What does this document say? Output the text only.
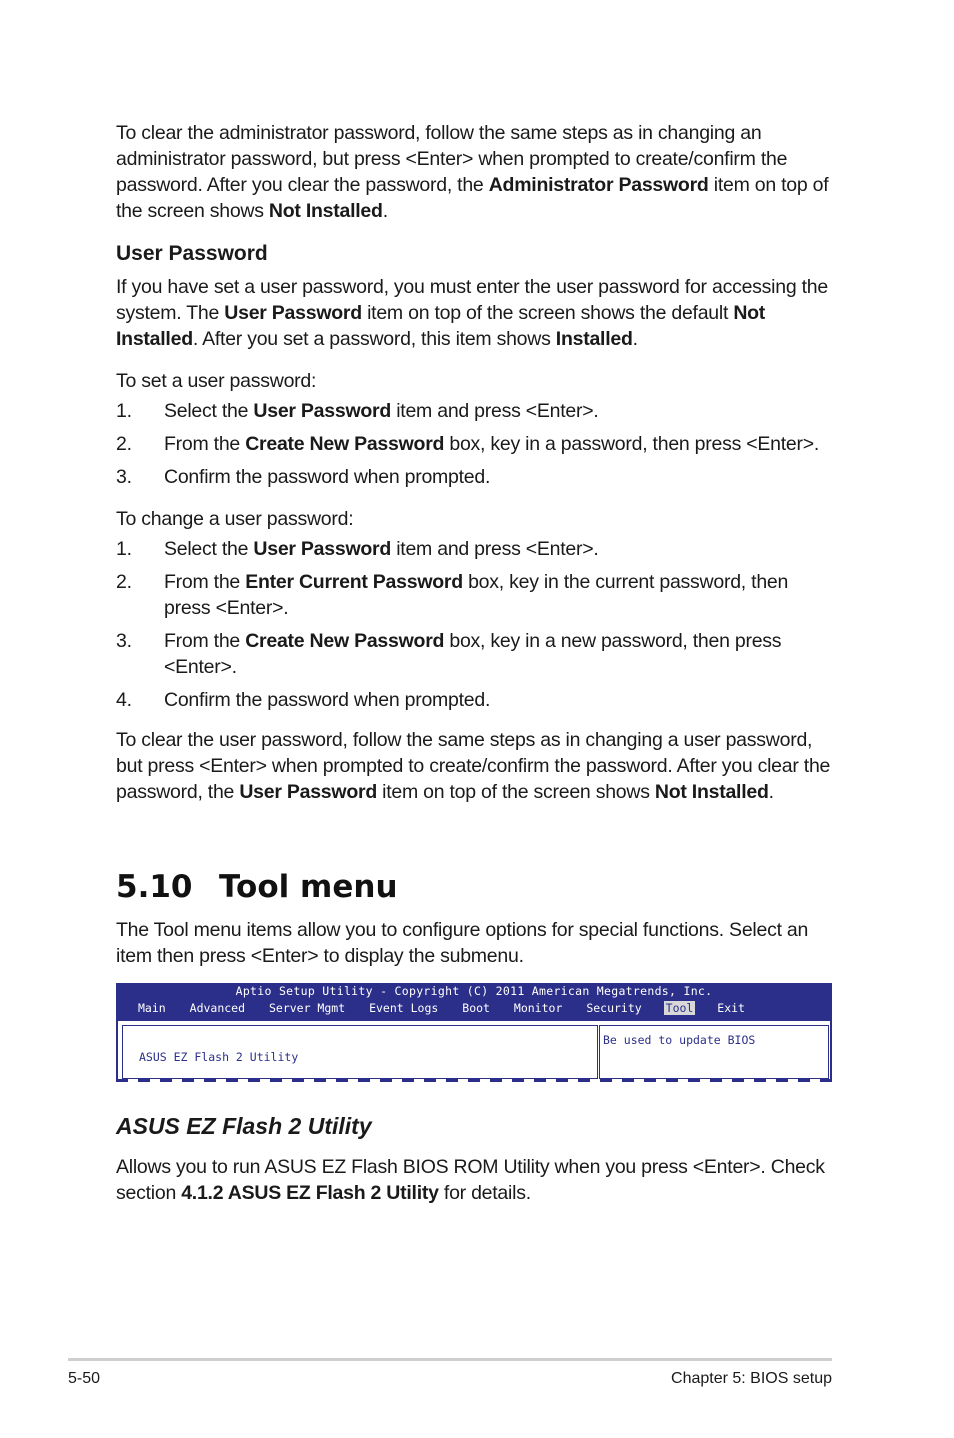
To clear the administrator password, follow the same steps as in changing an administrator password, but press <Enter> when prompted to create/confirm the password. After you clear the password, the Administrator Password item on top of the screen shows Not Installed.

User Password

If you have set a user password, you must enter the user password for accessing the system. The User Password item on top of the screen shows the default Not Installed. After you set a password, this item shows Installed.

To set a user password:

1. Select the User Password item and press <Enter>.
2. From the Create New Password box, key in a password, then press <Enter>.
3. Confirm the password when prompted.

To change a user password:

1. Select the User Password item and press <Enter>.
2. From the Enter Current Password box, key in the current password, then press <Enter>.
3. From the Create New Password box, key in a new password, then press <Enter>.
4. Confirm the password when prompted.

To clear the user password, follow the same steps as in changing a user password, but press <Enter> when prompted to create/confirm the password. After you clear the password, the User Password item on top of the screen shows Not Installed.

5.10 Tool menu

The Tool menu items allow you to configure options for special functions. Select an item then press <Enter> to display the submenu.

Aptio Setup Utility - Copyright (C) 2011 American Megatrends, Inc.
Main Advanced Server Mgmt Event Logs Boot Monitor Security Tool Exit
ASUS EZ Flash 2 Utility
Be used to update BIOS
ASUS EZ Flash 2 Utility

Allows you to run ASUS EZ Flash BIOS ROM Utility when you press <Enter>. Check section 4.1.2 ASUS EZ Flash 2 Utility for details.

5-50	Chapter 5: BIOS setup
